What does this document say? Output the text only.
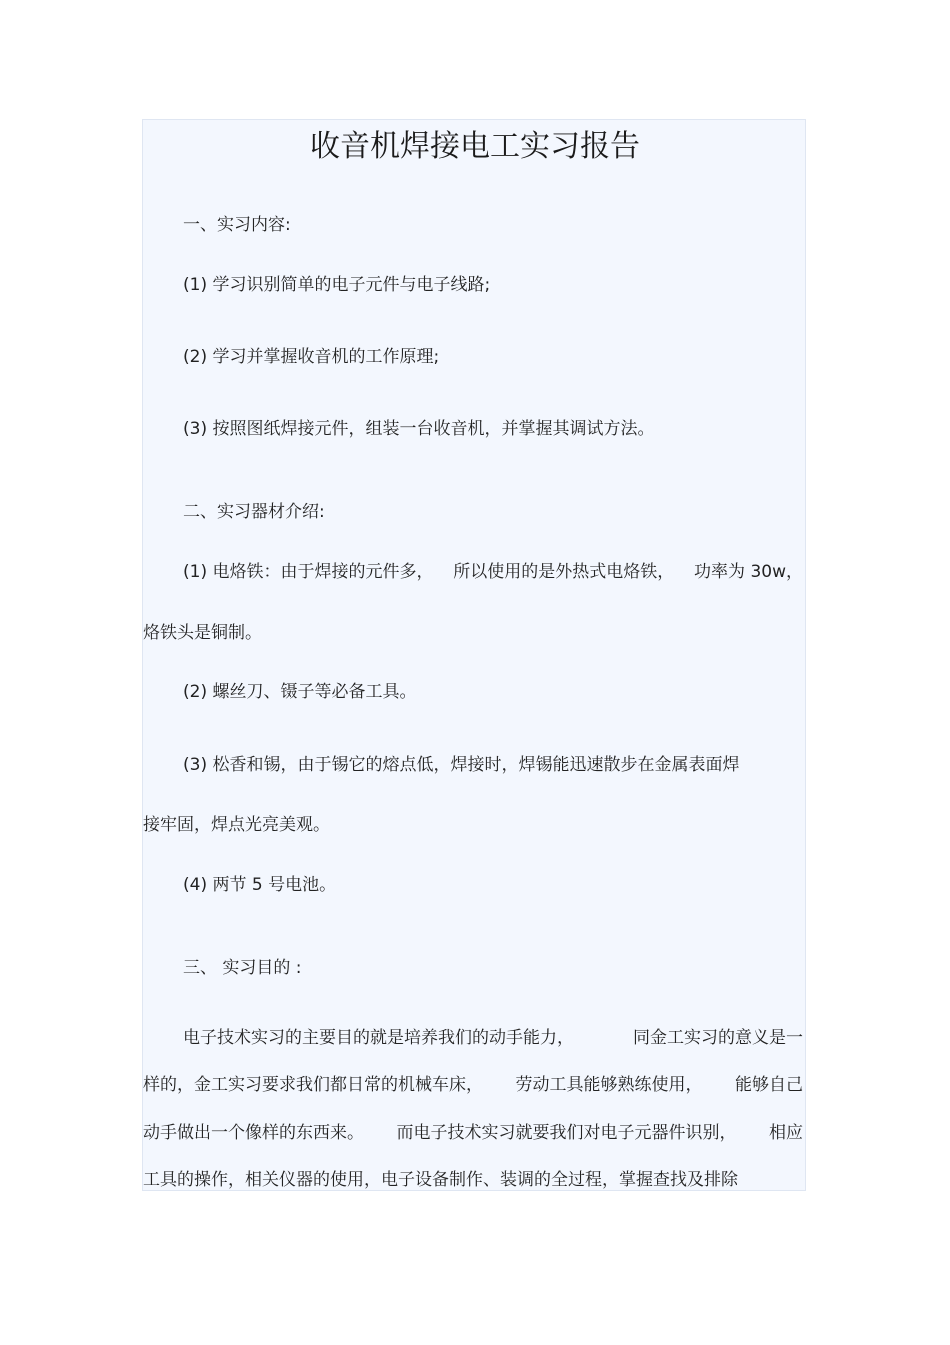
收音机焊接电工实习报告
一、实习内容:
(1) 学习识别简单的电子元件与电子线路;
(2) 学习并掌握收音机的工作原理;
(3) 按照图纸焊接元件，组装一台收音机，并掌握其调试方法。
二、实习器材介绍:
(1) 电烙铁：由于焊接的元件多， 所以使用的是外热式电烙铁， 功率为 30w，
烙铁头是铜制。
(2) 螺丝刀、镊子等必备工具。
(3) 松香和锡，由于锡它的熔点低，焊接时，焊锡能迅速散步在金属表面焊
接牢固，焊点光亮美观。
(4) 两节 5 号电池。
三、 实习目的 :
电子技术实习的主要目的就是培养我们的动手能力，	同金工实习的意义是一
样的，金工实习要求我们都日常的机械车床， 劳动工具能够熟练使用， 能够自己
动手做出一个像样的东西来。 而电子技术实习就要我们对电子元器件识别， 相应
工具的操作，相关仪器的使用，电子设备制作、装调的全过程，掌握查找及排除
